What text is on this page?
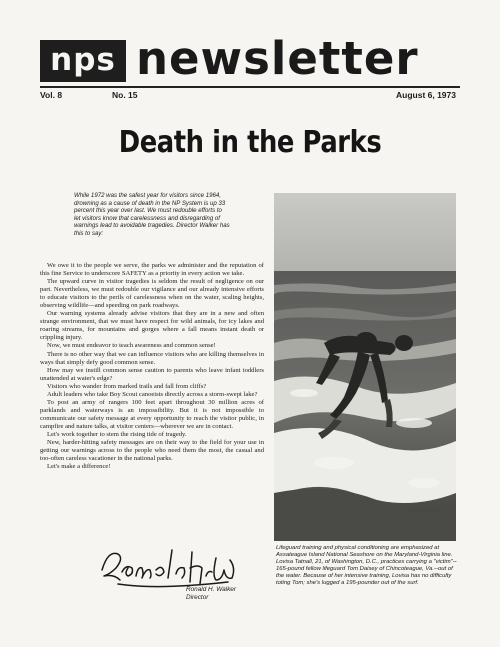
nps newsletter
Vol. 8	No. 15	August 6, 1973
Death in the Parks

While 1972 was the safest year for visitors since 1964, drowning as a cause of death in the NP System is up 33 percent this year over last. We must redouble efforts to let visitors know that carelessness and disregarding of warnings lead to avoidable tragedies. Director Walker has this to say:

We owe it to the people we serve, the parks we administer and the reputation of this fine Service to underscore SAFETY as a priority in every action we take.

The upward curve in visitor tragedies is seldom the result of negligence on our part. Nevertheless, we must redouble our vigilance and our already intensive efforts to educate visitors to the perils of carelessness when on the water, scaling heights, observing wildlife—and speeding on park roadways.

Our warning systems already advise visitors that they are in a new and often strange environment, that we must have respect for wild animals, for icy lakes and roaring streams, for mountains and gorges where a fall means instant death or crippling injury.

Now, we must endeavor to teach awareness and common sense!

There is no other way that we can influence visitors who are killing themselves in ways that simply defy good common sense.

How may we instill common sense caution to parents who leave infant toddlers unattended at water's edge?

Visitors who wander from marked trails and fall from cliffs?

Adult leaders who take Boy Scout canoeists directly across a storm-swept lake?

To post an army of rangers 100 feet apart throughout 30 million acres of parklands and waterways is an impossibility. But it is not impossible to communicate our safety message at every opportunity to reach the visitor public, in campfire and nature talks, at visitor centers—wherever we are in contact.

Let's work together to stem the rising tide of tragedy.

New, harder-hitting safety messages are on their way to the field for your use in getting our warnings across to the people who need them the most, the casual and too-often careless vacationer in the national parks.

Let's make a difference!

Lifeguard training and physical conditioning are emphasized at Assateague Island National Seashore on the Maryland-Virginia line. Lovisa Tatnall, 21, of Washington, D.C., practices carrying a "victim"-- 165-pound fellow lifeguard Tom Daisey of Chincoteague, Va.--out of the water. Because of her intensive training, Lovisa has no difficulty toting Tom; she's lugged a 195-pounder out of the surf.

Ronald H. Walker
Director
